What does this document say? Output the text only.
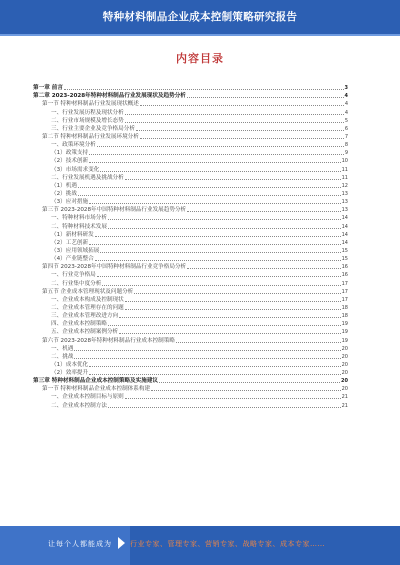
特种材料制品企业成本控制策略研究报告
内容目录
第一章 前言	3
第二章 2023-2028年特种材料制品行业发展现状及趋势分析	4
第一节 特种材料制品行业发展现状概述	4
一、行业发展历程及现状分析	4
二、行业市场规模及增长态势	5
三、行业主要企业及竞争格局分析	6
第二节 特种材料制品行业发展环境分析	7
一、政策环境分析	8
（1）政策支持	9
（2）技术创新	10
（3）市场需求变化	11
二、行业发展机遇及挑战分析	11
（1）机遇	12
（2）挑战	13
（3）应对措施	13
第三节 2023-2028年中国特种材料制品行业发展趋势分析	13
一、特种材料市场分析	14
二、特种材料技术发展	14
（1）新材料研发	14
（2）工艺创新	14
（3）应用领域拓展	15
（4）产业链整合	15
第四节 2023-2028年中国特种材料制品行业竞争格局分析	16
一、行业竞争格局	16
二、行业集中度分析	17
第五节 企业成本管理现状及问题分析	17
一、企业成本构成及控制现状	17
二、企业成本管理存在的问题	18
三、企业成本管理改进方向	18
四、企业成本控制策略	19
五、企业成本控制案例分析	19
第六节 2023-2028年特种材料制品行业成本控制策略	19
一、机遇	20
二、挑战	20
（1）成本优化	20
（2）效率提升	20
第三章 特种材料制品企业成本控制策略及实施建议	20
第一节 特种材料制品企业成本控制体系构建	20
一、企业成本控制目标与原则	21
二、企业成本控制方法	21
让每个人都能成为	行业专家、管理专家、营销专家、战略专家、成本专家……
